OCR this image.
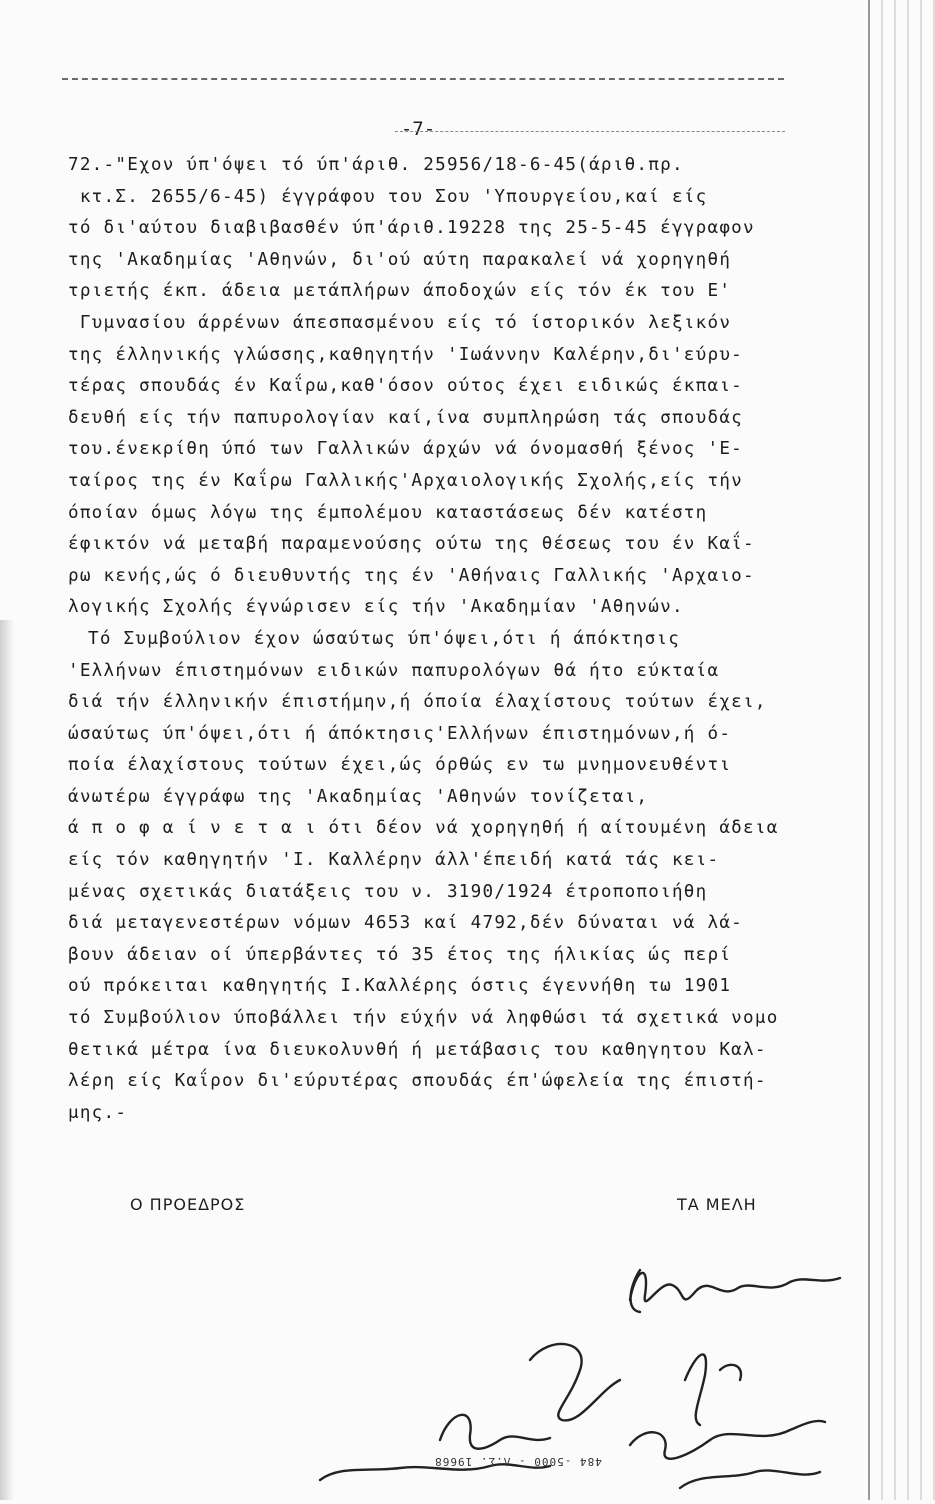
-7-
72.-"Εχον ύπ'όψει τό ύπ'άριθ. 25956/18-6-45(άριθ.πρ.
κτ.Σ. 2655/6-45) έγγράφου του Σου 'Υπουργείου,καί είς
τό δι'αύτου διαβιβασθέν ύπ'άριθ.19228 της 25-5-45 έγγραφον
της 'Ακαδημίας 'Αθηνών, δι'ού αύτη παρακαλεί νά χορηγηθή
τριετής έκπ. άδεια μετάπλήρων άποδοχών είς τόν έκ του Ε'
Γυμνασίου άρρένων άπεσπασμένου είς τό ίστορικόν λεξικόν
της έλληνικής γλώσσης,καθηγητήν 'Ιωάννην Καλέρην,δι'εύρυ-
τέρας σπουδάς έν Καΐρω,καθ'όσον ούτος έχει ειδικώς έκπαι-
δευθή είς τήν παπυρολογίαν καί,ίνα συμπληρώση τάς σπουδάς
του.ένεκρίθη ύπό των Γαλλικών άρχών νά όνομασθή ξένος 'Ε-
ταίρος της έν Καΐρω Γαλλικής'Αρχαιολογικής Σχολής,είς τήν
όποίαν όμως λόγω της έμπολέμου καταστάσεως δέν κατέστη
έφικτόν νά μεταβή παραμενούσης ούτω της θέσεως του έν Καΐ-
ρω κενής,ώς ό διευθυντής της έν 'Αθήναις Γαλλικής 'Αρχαιο-
λογικής Σχολής έγνώρισεν είς τήν 'Ακαδημίαν 'Αθηνών.
Τό Συμβούλιον έχον ώσαύτως ύπ'όψει,ότι ή άπόκτησις
'Ελλήνων έπιστημόνων ειδικών παπυρολόγων θά ήτο εύκταία
διά τήν έλληνικήν έπιστήμην,ή όποία έλαχίστους τούτων έχει,
ώσαύτως ύπ'όψει,ότι ή άπόκτησις'Ελλήνων έπιστημόνων,ή ό-
ποία έλαχίστους τούτων έχει,ώς όρθώς εν τω μνημονευθέντι
άνωτέρω έγγράφω της 'Ακαδημίας 'Αθηνών τονίζεται,
ά π ο φ α ί ν ε τ α ι ότι δέον νά χορηγηθή ή αίτουμένη άδεια
είς τόν καθηγητήν 'Ι. Καλλέρην άλλ'έπειδή κατά τάς κει-
μένας σχετικάς διατάξεις του ν. 3190/1924 έτροποποιήθη
διά μεταγενεστέρων νόμων 4653 καί 4792,δέν δύναται νά λά-
βουν άδειαν οί ύπερβάντες τό 35 έτος της ήλικίας ώς περί
ού πρόκειται καθηγητής Ι.Καλλέρης όστις έγεννήθη τω 1901
τό Συμβούλιον ύποβάλλει τήν εύχήν νά ληφθώσι τά σχετικά νομο
θετικά μέτρα ίνα διευκολυνθή ή μετάβασις του καθηγητου Καλ-
λέρη είς Καΐρον δι'εύρυτέρας σπουδάς έπ'ώφελεία της έπιστή-
μης.-
Ο ΠΡΟΕΔΡΟΣ	ΤΑ ΜΕΛΗ
484 -5000 - Λ.Σ. 19668
